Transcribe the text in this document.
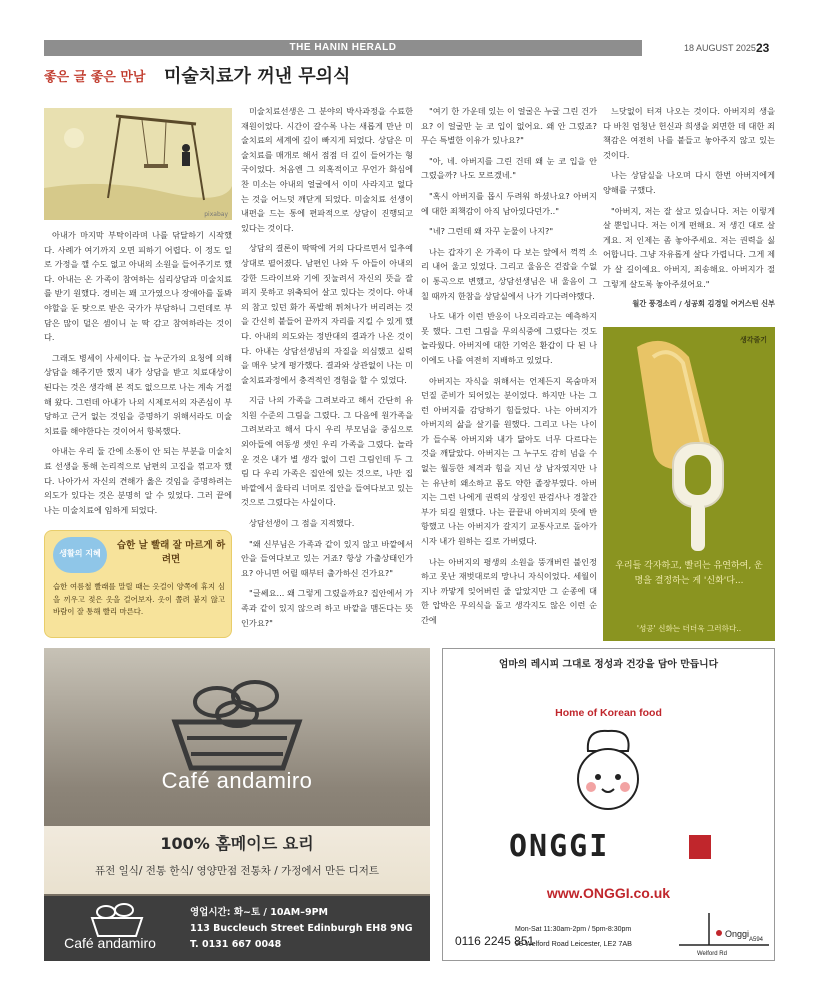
THE HANIN HERALD	18 AUGUST 2025 23
좋은 글 좋은 만남 미술치료가 꺼낸 무의식
pixabay

아내가 마지막 부탁이라며 나를 닦달하기 시작했다. 사례가 여기까지 오면 피하기 어렵다. 이 정도 일로 가정을 깰 수도 없고 아내의 소원을 들어주기로 했다. 아내는 온 가족이 참여하는 심리상담과 미술치료를 받기 원했다. 경비는 꽤 고가였으나 장애아를 돌봐야할을 둔 탓으로 받은 국가가 부담하니 그런데로 부담은 많이 덜은 셈이니 눈 딱 감고 참여하라는 것이다.

그래도 병세이 사세이다. 늘 누군가의 요청에 의해 상담을 해주기만 했지 내가 상담을 받고 치료대상이 된다는 것은 생각해 본 적도 없으므로 나는 계속 거절해 왔다. 그런데 아내가 나의 시제로서의 자존심이 부당하고 근거 없는 것임을 증명하기 위해서라도 미술치료를 해야한다는 것이어서 항복했다.

아내는 우리 둘 간에 소통이 안 되는 부분을 미술치료 선생을 통해 논리적으로 남편의 고집을 꺾고자 했다. 나아가서 자신의 견해가 옳은 것임을 증명하려는 의도가 있다는 것은 분명히 알 수 있었다. 그러 끝에 나는 미술치료에 임하게 되었다.

미술치료선생은 그 분야의 박사과정을 수료한 재원이었다. 시간이 갈수록 나는 새롭게 만난 미술치료의 세계에 깊이 빠지게 되었다. 상담은 미술치료를 매개로 해서 점점 더 깊이 들어가는 형국이었다. 처음엔 그 의혹적이고 무언가 화심에 찬 미소는 아내의 얼굴에서 이미 사라지고 없다는 것을 어느덧 깨닫게 되었다. 미술치료 선생이 내편을 드는 통에 편파적으로 상담이 진행되고 있다는 것이다.

상담의 결론이 딱딱에 거의 다다르면서 일추예상대로 펼어졌다. 남편인 나와 두 아들이 아내의 강한 드라이브와 기에 짓눌려서 자신의 뜻을 잘 펴지 못하고 위축되어 살고 있다는 것이다. 아내의 참고 있던 화가 폭발해 튀쳐나가 버리려는 것을 간신히 붙들어 끝까지 자리를 지킬 수 있게 했다. 아내의 의도와는 정반대의 결과가 나온 것이다. 아내는 상담선생님의 자질을 의심했고 실력을 매우 낮게 평가했다. 결과와 상관없이 나는 미술치료과정에서 충격적인 경험을 할 수 있었다.

지금 나의 가족을 그려보라고 해서 간단히 유치원 수준의 그림을 그렸다. 그 다음에 원가족을 그려보라고 해서 다시 우리 부모님을 중심으로 외아들에 여동생 셋인 우리 가족을 그렸다. 놀라운 것은 내가 별 생각 없이 그린 그림인데 두 그림 다 우리 가족은 집안에 있는 것으로, 나만 집 바깥에서 울타리 너머로 집안을 들여다보고 있는 것으로 그렸다는 사실이다.

상담선생이 그 점을 지적했다.

"왜 신부님은 가족과 같이 있지 않고 바깥에서 안을 들여다보고 있는 거죠? 항상 가출상태인가요? 아니면 어릴 때부터 출가하신 건가요?"

"글쎄요... 왜 그렇게 그렸을까요? 집안에서 가족과 같이 있지 않으려 하고 바깥을 맴돈다는 뜻인가요?"

"여기 한 가운데 있는 이 얼굴은 누굴 그린 건가요? 이 얼굴만 눈 코 입이 없어요. 왜 안 그렸죠? 무슨 특별한 이유가 있나요?"

"아, 네. 아버지를 그린 건데 왜 눈 코 입을 안 그렸을까? 나도 모르겠네."

"혹시 아버지를 몹시 두려워 하셨나요? 아버지에 대한 죄책감이 아직 남아있다던가.."

"네? 그런데 왜 자꾸 눈물이 나지?"

나는 갑자기 온 가족이 다 보는 앞에서 꺽꺽 소리 내어 울고 있었다. 그리고 울음은 걷잡을 수없이 통곡으로 변했고, 상담선생님은 내 울음이 그칠 때까지 한참을 상담실에서 나가 기다려야했다.

나도 내가 이런 반응이 나오리라고는 예측하지 못 했다. 그런 그림을 무의식중에 그렸다는 것도 놀라웠다. 아버지에 대한 기억은 환갑이 다 된 나이에도 나를 여전히 지배하고 있었다.

아버지는 자식을 위해서는 언제든지 목숨마저 던질 준비가 되어있는 분이었다. 하지만 나는 그런 아버지를 감당하기 힘들었다. 나는 아버지가 아버지의 삶을 살기를 원했다. 그리고 나는 나이가 들수록 아버지와 내가 닮아도 너무 다르다는 것을 깨달았다. 아버지는 그 누구도 감히 넘을 수 없는 월등한 체격과 힘을 지닌 상 남자였지만 나는 유난히 왜소하고 몸도 약한 졸장부였다. 아버지는 그런 나에게 권력의 상징인 판검사나 경찰간부가 되길 원했다. 나는 끝끝내 아버지의 뜻에 반항했고 나는 아버지가 갈지기 교통사고로 돌아가시자 내가 원하는 길로 가버렸다.

나는 아버지의 평생의 소원을 뚱개버린 불인정 하고 못난 재벗대로의 망나니 자식이었다. 세월이 지나 까맣게 잊어버린 줄 알았지만 그 순종에 대한 압박은 무의식을 돌고 생각지도 않은 이런 순간에

느닷없이 터져 나오는 것이다. 아버지의 생을 다 바친 엄청난 헌신과 희생을 외면한 데 대한 죄책감은 여전히 나를 붙들고 놓아주지 않고 있는 것이다.

나는 상담실을 나오며 다시 한번 아버지에게 양해를 구했다.

"아버지, 저는 잘 살고 있습니다. 저는 이렇게 살 뿐입니다. 저는 이게 편해요. 저 생긴 대로 살게요. 저 인제는 좀 놓아주세요. 저는 권력을 싫어합니다. 그냥 자유롭게 살다 가렵니다. 그게 제가 살 길이예요. 아버지, 죄송해요. 아버지가 절 그렇게 살도록 놓아주셨어요."

월간 풍경소리 / 성공회 김경일 어거스틴 신부

생활의 지혜
습한 날 빨래 잘 마르게 하려면
습한 여름철 빨래를 말릴 때는 옷걸이 양쪽에 휴지 심을 끼우고 젖은 옷을 걸어보자. 옷이 쫄려 붙지 않고 바람이 잘 통해 빨리 마른다.
생각줄기
우리들 각자하고, 빨리는 유연하여, 운명을 결정하는 게 '신화'다...
'성공' 신화는 더더욱 그러하다..
Café andamiro
100% 홈메이드 요리
퓨전 일식/ 전통 한식/ 영양만점 전통차 / 가정에서 만든 디저트
Café andamiro
영업시간: 화~토 / 10AM–9PM
113 Buccleuch Street Edinburgh EH8 9NG
T. 0131 667 0048
엄마의 레시피 그대로 정성과 건강을 담아 만듭니다
Home of Korean food
ONGGI
www.ONGGI.co.uk
0116 2245 851
Mon-Sat 11:30am-2pm / 5pm-8:30pm
98 Welford Road Leicester, LE2 7AB
Onggi
Welford Rd
A594
